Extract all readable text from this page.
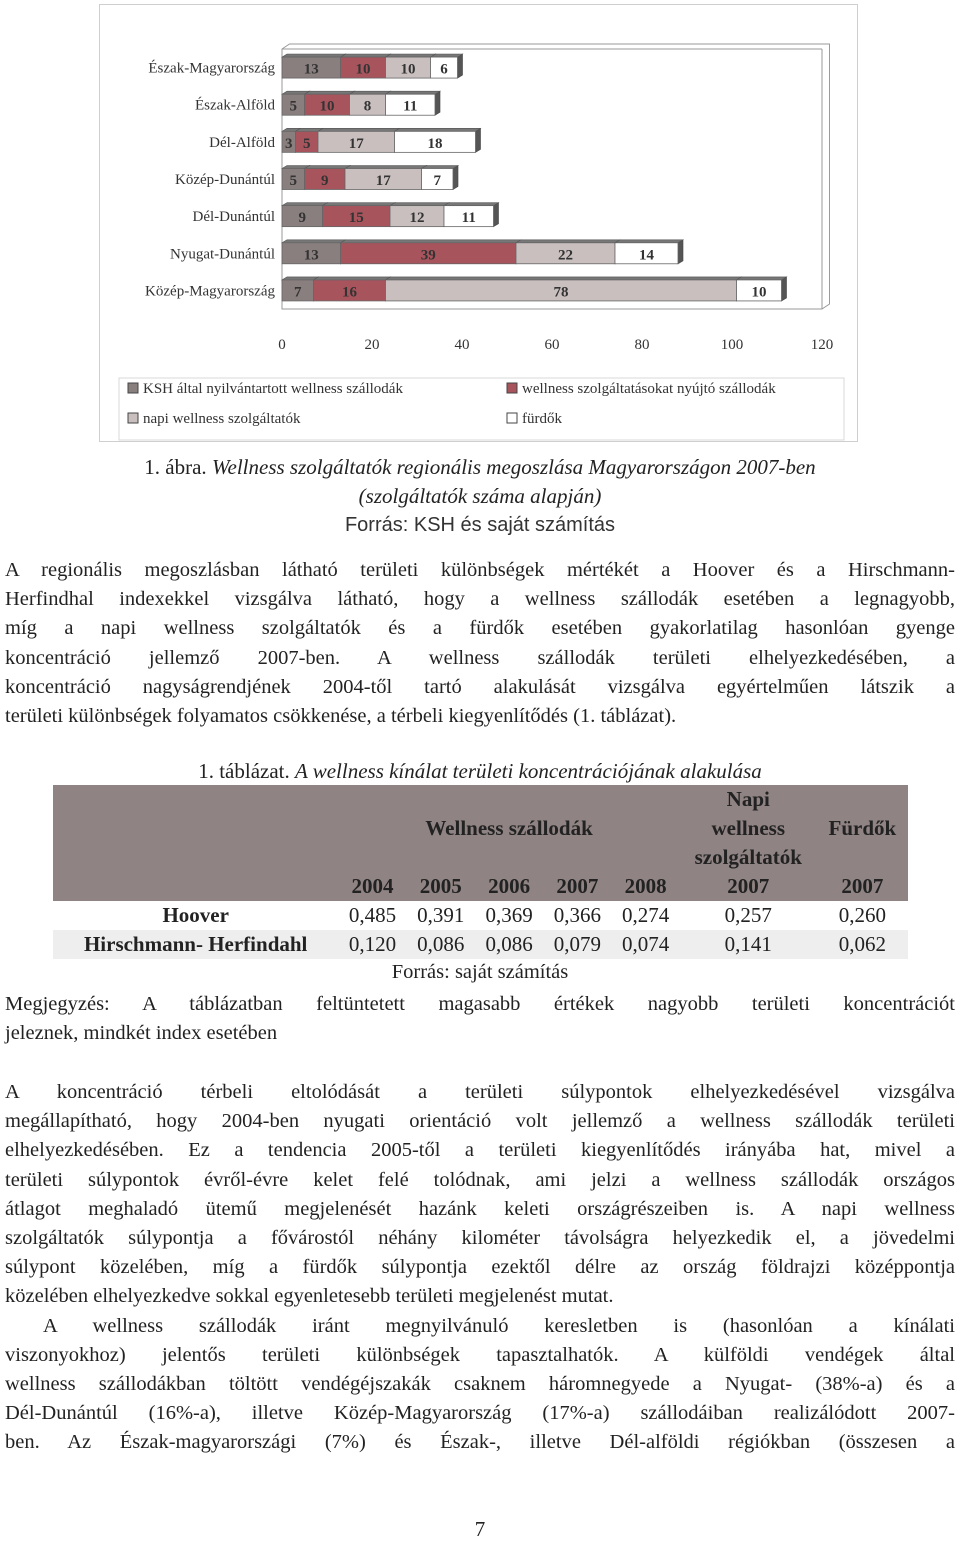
Észak-Magyarország
Észak-Alföld
Dél-Alföld
Közép-Dunántúl
Dél-Dunántúl
Nyugat-Dunántúl
Közép-Magyarország
13 10 10 6
5 10 8 11
3 5	17	18
5 9	17	7
9	15	12 11
13	39	22	14
7	16	78	10
0	20	40	60	80	100	120
KSH által nyilvántartott wellness szállodák	wellness szolgáltatásokat nyújtó szállodák
napi wellness szolgáltatók	fürdők
1. ábra. Wellness szolgáltatók regionális megoszlása Magyarországon 2007-ben
(szolgáltatók száma alapján)
Forrás: KSH és saját számítás
A regionális megoszlásban látható területi különbségek mértékét a Hoover és a Hirschmann-
Herfindhal indexekkel vizsgálva látható, hogy a wellness szállodák esetében a legnagyobb,
míg a napi wellness szolgáltatók és a fürdők esetében gyakorlatilag hasonlóan gyenge
koncentráció jellemző 2007-ben. A wellness szállodák területi elhelyezkedésében, a
koncentráció nagyságrendjének 2004-től tartó alakulását vizsgálva egyértelműen látszik a
területi különbségek folyamatos csökkenése, a térbeli kiegyenlítődés (1. táblázat).
1. táblázat. A wellness kínálat területi koncentrációjának alakulása
	Wellness szállodák					Napi
wellness
szolgáltatók	Fürdők
	2004	2005	2006	2007	2008	2007	2007
Hoover	0,485	0,391	0,369	0,366	0,274	0,257	0,260
Hirschmann- Herfindahl	0,120	0,086	0,086	0,079	0,074	0,141	0,062
Forrás: saját számítás
Megjegyzés: A táblázatban feltüntetett magasabb értékek nagyobb területi koncentrációt
jeleznek, mindkét index esetében
A koncentráció térbeli eltolódását a területi súlypontok elhelyezkedésével vizsgálva
megállapítható, hogy 2004-ben nyugati orientáció volt jellemző a wellness szállodák területi
elhelyezkedésében. Ez a tendencia 2005-től a területi kiegyenlítődés irányába hat, mivel a
területi súlypontok évről-évre kelet felé tolódnak, ami jelzi a wellness szállodák országos
átlagot meghaladó ütemű megjelenését hazánk keleti országrészeiben is. A napi wellness
szolgáltatók súlypontja a fővárostól néhány kilométer távolságra helyezkedik el, a jövedelmi
súlypont közelében, míg a fürdők súlypontja ezektől délre az ország földrajzi középpontja
közelében elhelyezkedve sokkal egyenletesebb területi megjelenést mutat.
A wellness szállodák iránt megnyilvánuló keresletben is (hasonlóan a kínálati
viszonyokhoz) jelentős területi különbségek tapasztalhatók. A külföldi vendégek által
wellness szállodákban töltött vendégéjszakák csaknem háromnegyede a Nyugat- (38%-a) és a
Dél-Dunántúl (16%-a), illetve Közép-Magyarország (17%-a) szállodáiban realizálódott 2007-
ben. Az Észak-magyarországi (7%) és Észak-, illetve Dél-alföldi régiókban (összesen a
7
